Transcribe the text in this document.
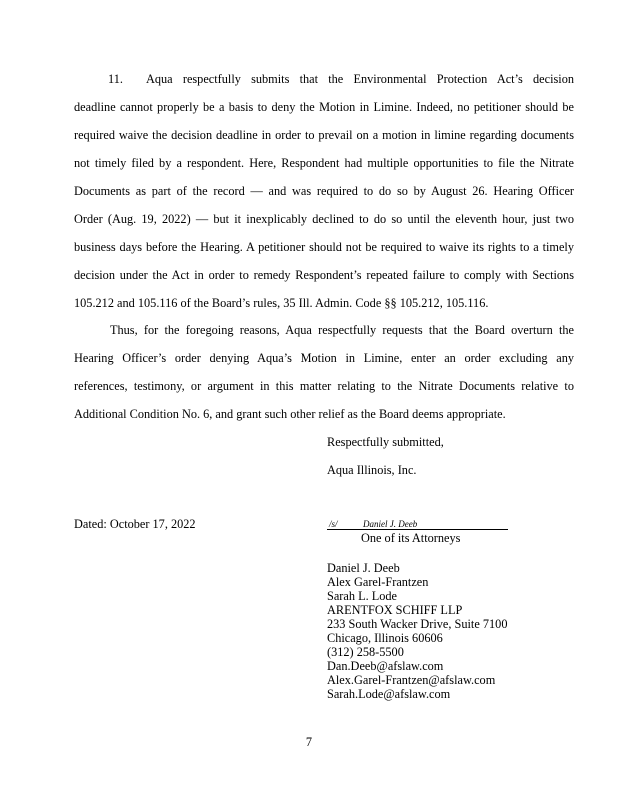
11.	Aqua respectfully submits that the Environmental Protection Act’s decision
deadline cannot properly be a basis to deny the Motion in Limine. Indeed, no petitioner should be
required waive the decision deadline in order to prevail on a motion in limine regarding documents
not timely filed by a respondent. Here, Respondent had multiple opportunities to file the Nitrate
Documents as part of the record — and was required to do so by August 26. Hearing Officer
Order (Aug. 19, 2022) — but it inexplicably declined to do so until the eleventh hour, just two
business days before the Hearing. A petitioner should not be required to waive its rights to a timely
decision under the Act in order to remedy Respondent’s repeated failure to comply with Sections
105.212 and 105.116 of the Board’s rules, 35 Ill. Admin. Code §§ 105.212, 105.116.
Thus, for the foregoing reasons, Aqua respectfully requests that the Board overturn the
Hearing Officer’s order denying Aqua’s Motion in Limine, enter an order excluding any
references, testimony, or argument in this matter relating to the Nitrate Documents relative to
Additional Condition No. 6, and grant such other relief as the Board deems appropriate.
Respectfully submitted,
Aqua Illinois, Inc.
Dated: October 17, 2022	/s/	Daniel J. Deeb
One of its Attorneys
Daniel J. Deeb
Alex Garel-Frantzen
Sarah L. Lode
ARENTFOX SCHIFF LLP
233 South Wacker Drive, Suite 7100
Chicago, Illinois 60606
(312) 258-5500
Dan.Deeb@afslaw.com
Alex.Garel-Frantzen@afslaw.com
Sarah.Lode@afslaw.com
7
